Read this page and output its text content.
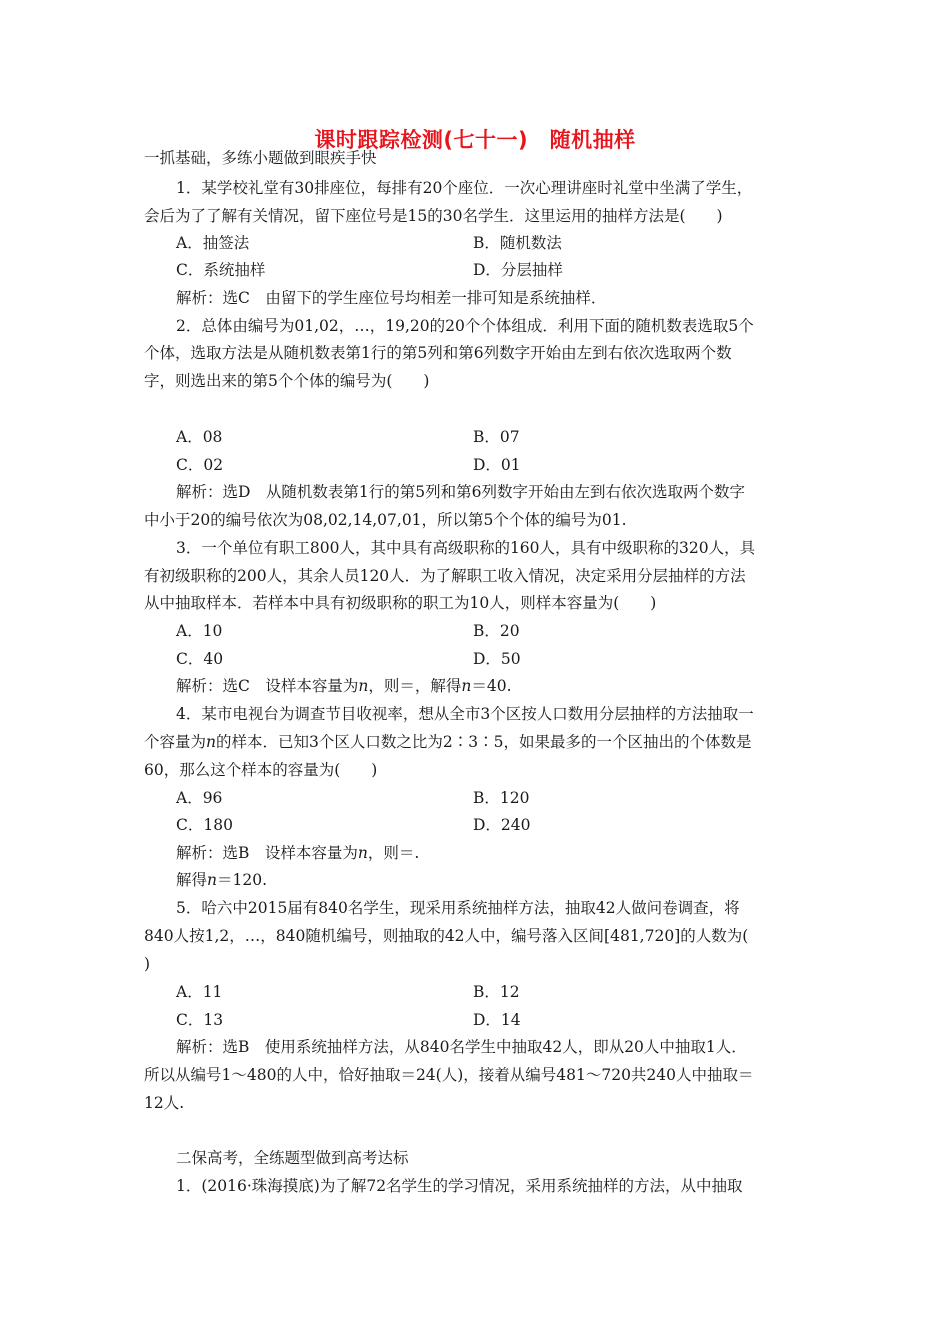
课时跟踪检测(七十一)　随机抽样
一抓基础，多练小题做到眼疾手快
1．某学校礼堂有30排座位，每排有20个座位．一次心理讲座时礼堂中坐满了学生，
会后为了了解有关情况，留下座位号是15的30名学生．这里运用的抽样方法是(　　)
A．抽签法	B．随机数法
C．系统抽样	D．分层抽样
解析：选C　由留下的学生座位号均相差一排可知是系统抽样．
2．总体由编号为01,02，…，19,20的20个个体组成．利用下面的随机数表选取5个
个体，选取方法是从随机数表第1行的第5列和第6列数字开始由左到右依次选取两个数
字，则选出来的第5个个体的编号为(　　)
A．08	B．07
C．02	D．01
解析：选D　从随机数表第1行的第5列和第6列数字开始由左到右依次选取两个数字
中小于20的编号依次为08,02,14,07,01，所以第5个个体的编号为01.
3．一个单位有职工800人，其中具有高级职称的160人，具有中级职称的320人，具
有初级职称的200人，其余人员120人．为了解职工收入情况，决定采用分层抽样的方法
从中抽取样本．若样本中具有初级职称的职工为10人，则样本容量为(　　)
A．10	B．20
C．40	D．50
解析：选C　设样本容量为n，则＝，解得n＝40.
4．某市电视台为调查节目收视率，想从全市3个区按人口数用分层抽样的方法抽取一
个容量为n的样本．已知3个区人口数之比为2∶3∶5，如果最多的一个区抽出的个体数是
60，那么这个样本的容量为(　　)
A．96	B．120
C．180	D．240
解析：选B　设样本容量为n，则＝.
解得n＝120.
5．哈六中2015届有840名学生，现采用系统抽样方法，抽取42人做问卷调查，将
840人按1,2，…，840随机编号，则抽取的42人中，编号落入区间[481,720]的人数为(
)
A．11	B．12
C．13	D．14
解析：选B　使用系统抽样方法，从840名学生中抽取42人，即从20人中抽取1人．
所以从编号1～480的人中，恰好抽取＝24(人)，接着从编号481～720共240人中抽取＝
12人.
二保高考，全练题型做到高考达标
1．(2016·珠海摸底)为了解72名学生的学习情况，采用系统抽样的方法，从中抽取
